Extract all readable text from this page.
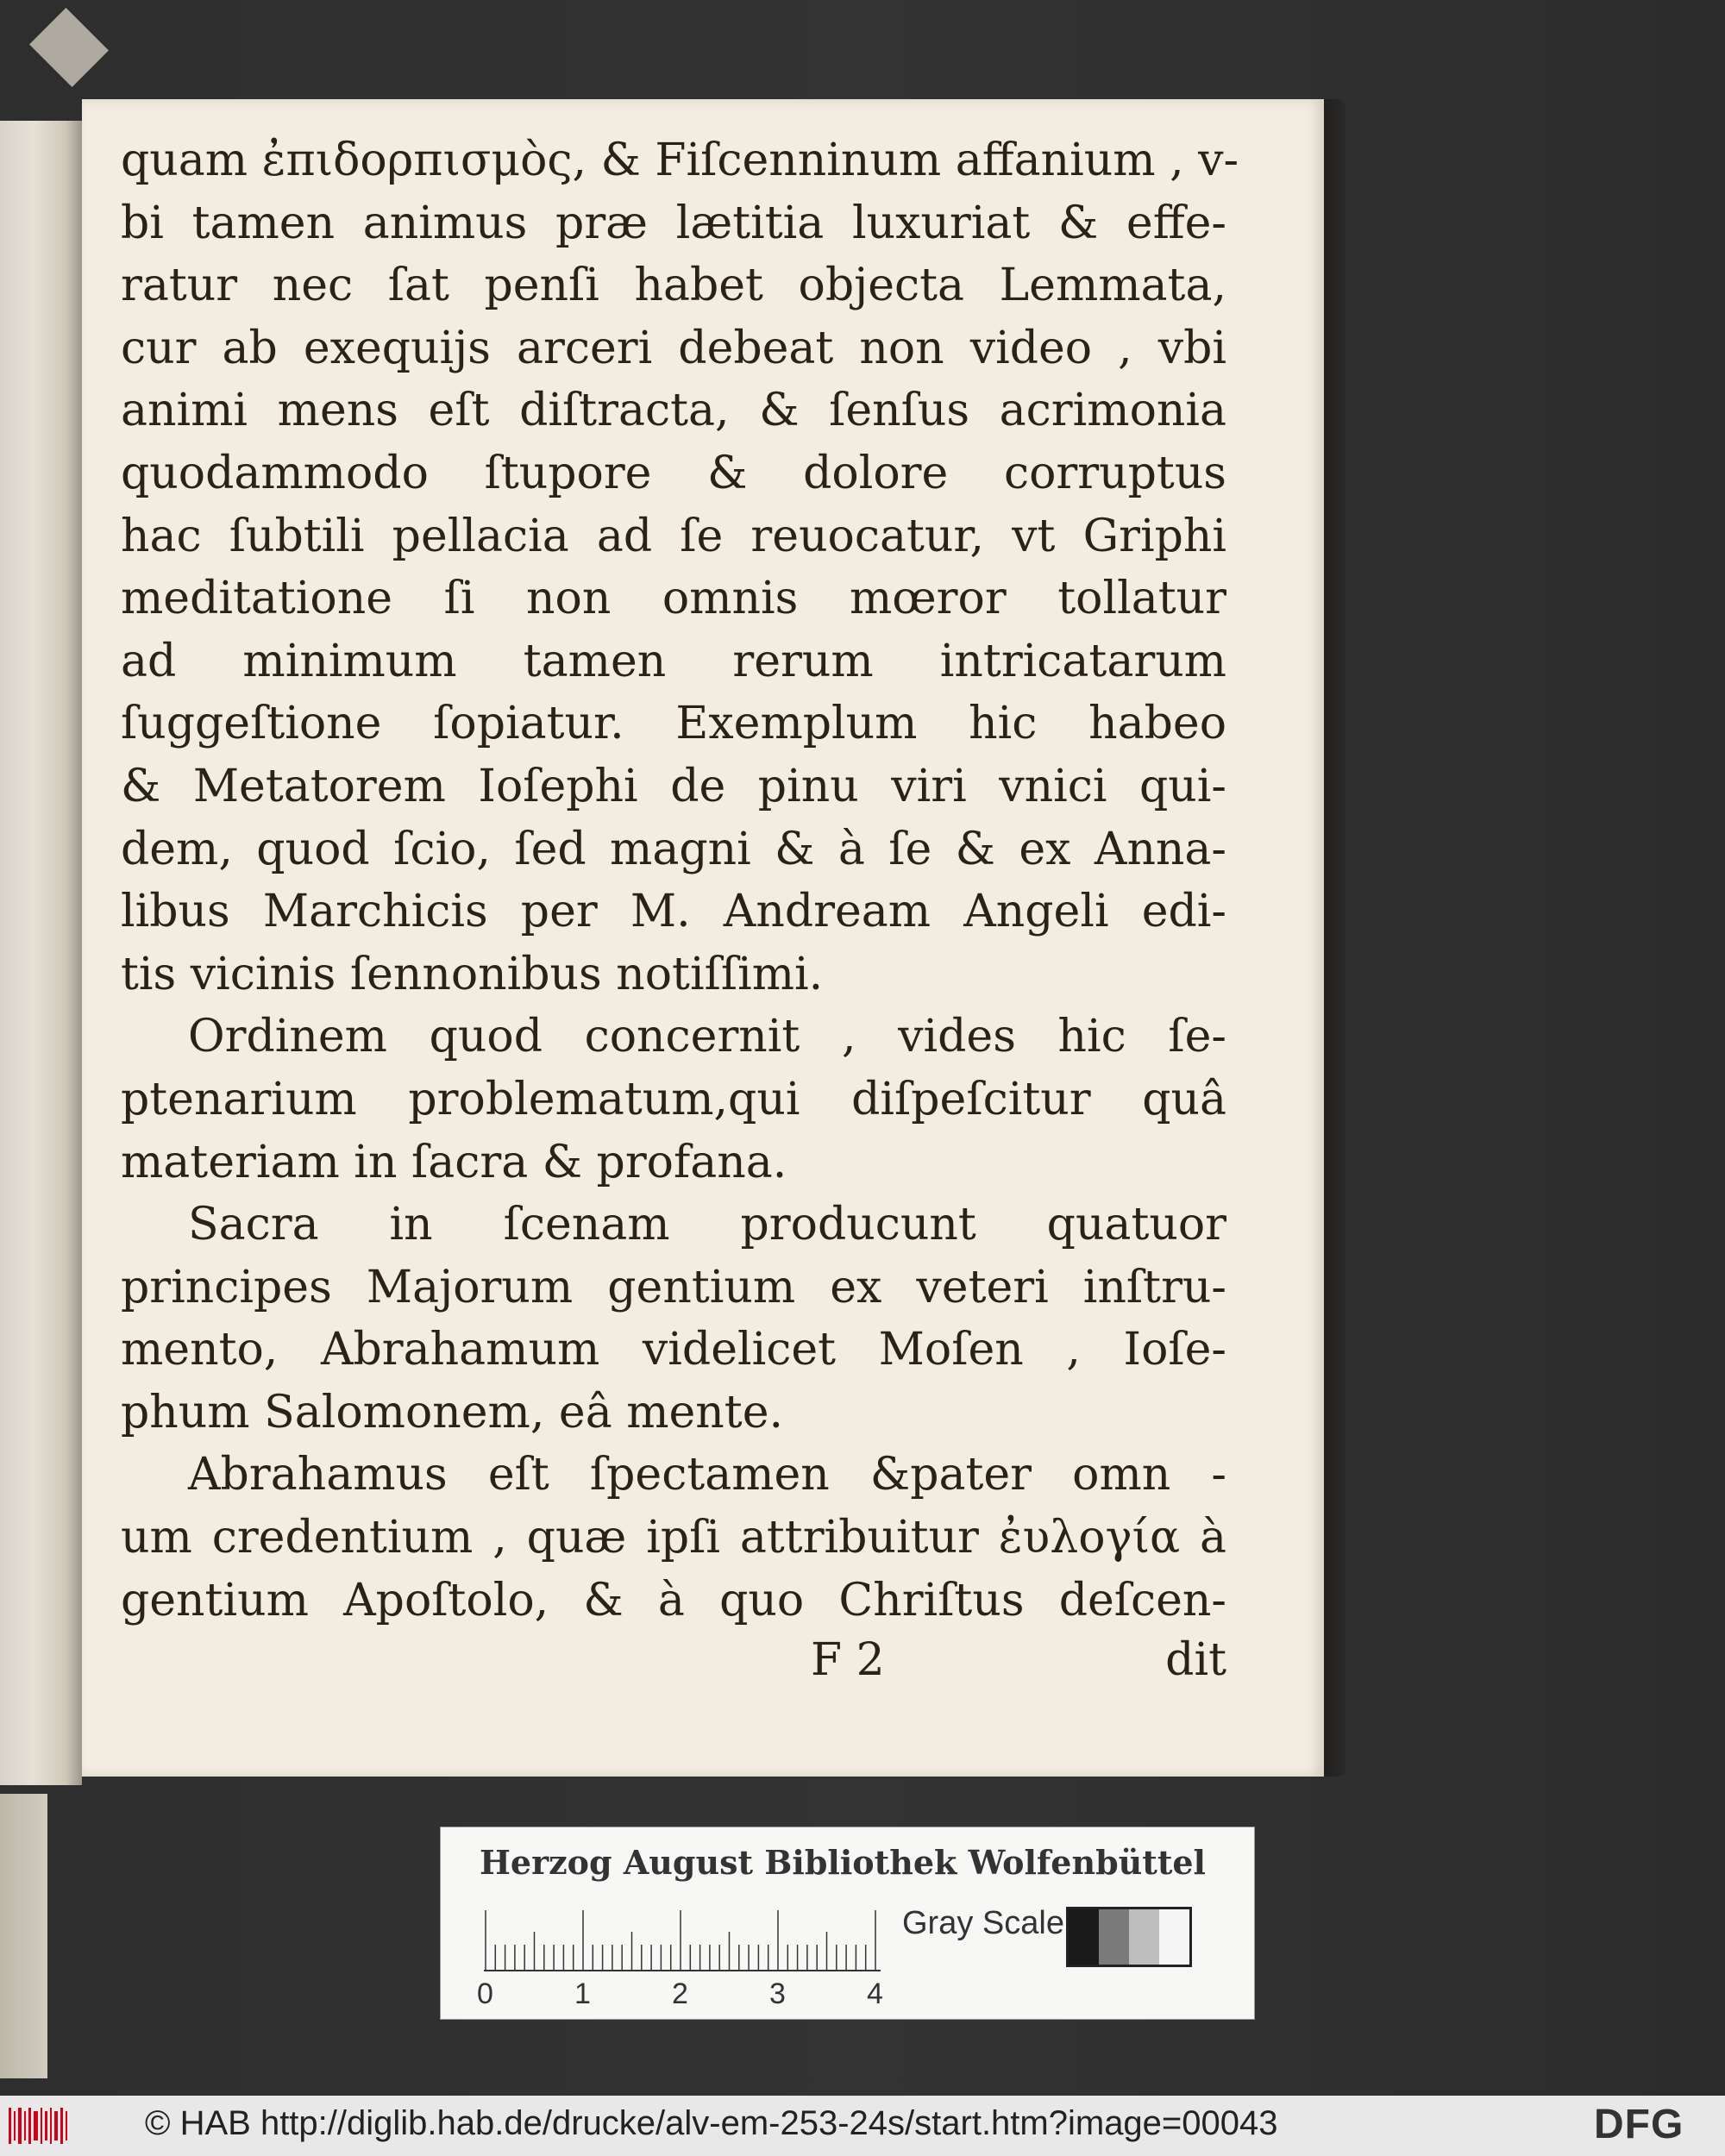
quam ἐπιδορπισμὸς, & Fiſcenninum affanium , v-
bi tamen animus præ lætitia luxuriat & effe-
ratur nec ſat penſi habet objecta Lemmata,
cur ab exequijs arceri debeat non video , vbi
animi mens eſt diſtracta, & ſenſus acrimonia
quodammodo ſtupore & dolore corruptus
hac ſubtili pellacia ad ſe reuocatur, vt Griphi
meditatione ſi non omnis mœror tollatur
ad minimum tamen rerum intricatarum
ſuggeſtione ſopiatur. Exemplum hic habeo
& Metatorem Ioſephi de pinu viri vnici qui-
dem, quod ſcio, ſed magni & à ſe & ex Anna-
libus Marchicis per M. Andream Angeli edi-
tis vicinis ſennonibus notiſſimi.
Ordinem quod concernit , vides hic ſe-
ptenarium problematum,qui diſpeſcitur quâ
materiam in ſacra & profana.
Sacra in ſcenam producunt quatuor
principes Majorum gentium ex veteri inſtru-
mento, Abrahamum videlicet Moſen , Ioſe-
phum Salomonem, eâ mente.
Abrahamus eſt ſpectamen &pater omn -
um credentium , quæ ipſi attribuitur ἐυλογία à
gentium Apoſtolo, & à quo Chriſtus deſcen-
F 2	dit
Herzog August Bibliothek Wolfenbüttel
0	1	2	3	4
Gray Scale
© HAB http://diglib.hab.de/drucke/alv-em-253-24s/start.htm?image=00043	DFG
